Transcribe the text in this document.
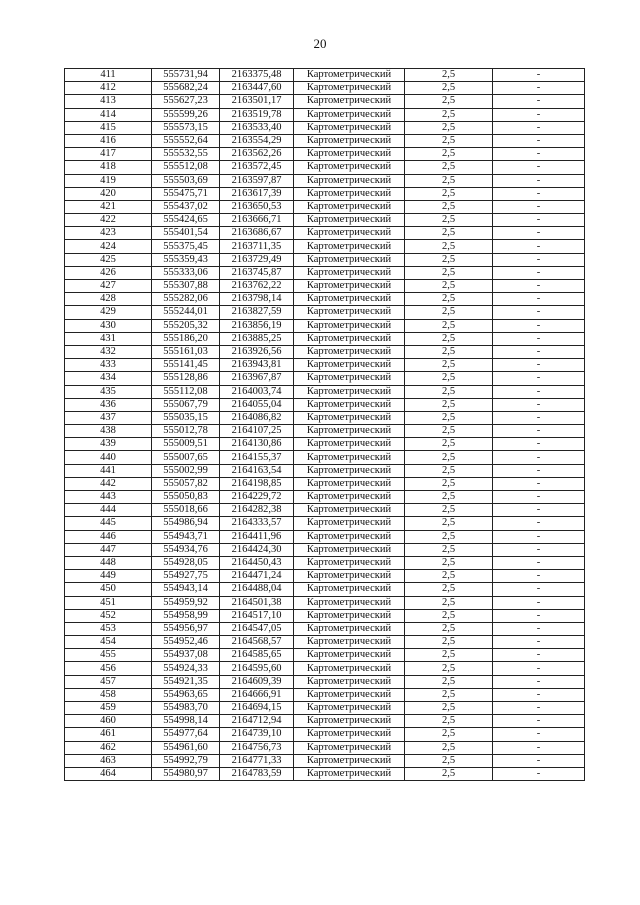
20
411	555731,94	2163375,48	Картометрический	2,5	-
412	555682,24	2163447,60	Картометрический	2,5	-
413	555627,23	2163501,17	Картометрический	2,5	-
414	555599,26	2163519,78	Картометрический	2,5	-
415	555573,15	2163533,40	Картометрический	2,5	-
416	555552,64	2163554,29	Картометрический	2,5	-
417	555532,55	2163562,26	Картометрический	2,5	-
418	555512,08	2163572,45	Картометрический	2,5	-
419	555503,69	2163597,87	Картометрический	2,5	-
420	555475,71	2163617,39	Картометрический	2,5	-
421	555437,02	2163650,53	Картометрический	2,5	-
422	555424,65	2163666,71	Картометрический	2,5	-
423	555401,54	2163686,67	Картометрический	2,5	-
424	555375,45	2163711,35	Картометрический	2,5	-
425	555359,43	2163729,49	Картометрический	2,5	-
426	555333,06	2163745,87	Картометрический	2,5	-
427	555307,88	2163762,22	Картометрический	2,5	-
428	555282,06	2163798,14	Картометрический	2,5	-
429	555244,01	2163827,59	Картометрический	2,5	-
430	555205,32	2163856,19	Картометрический	2,5	-
431	555186,20	2163885,25	Картометрический	2,5	-
432	555161,03	2163926,56	Картометрический	2,5	-
433	555141,45	2163943,81	Картометрический	2,5	-
434	555128,86	2163967,87	Картометрический	2,5	-
435	555112,08	2164003,74	Картометрический	2,5	-
436	555067,79	2164055,04	Картометрический	2,5	-
437	555035,15	2164086,82	Картометрический	2,5	-
438	555012,78	2164107,25	Картометрический	2,5	-
439	555009,51	2164130,86	Картометрический	2,5	-
440	555007,65	2164155,37	Картометрический	2,5	-
441	555002,99	2164163,54	Картометрический	2,5	-
442	555057,82	2164198,85	Картометрический	2,5	-
443	555050,83	2164229,72	Картометрический	2,5	-
444	555018,66	2164282,38	Картометрический	2,5	-
445	554986,94	2164333,57	Картометрический	2,5	-
446	554943,71	2164411,96	Картометрический	2,5	-
447	554934,76	2164424,30	Картометрический	2,5	-
448	554928,05	2164450,43	Картометрический	2,5	-
449	554927,75	2164471,24	Картометрический	2,5	-
450	554943,14	2164488,04	Картометрический	2,5	-
451	554959,92	2164501,38	Картометрический	2,5	-
452	554958,99	2164517,10	Картометрический	2,5	-
453	554956,97	2164547,05	Картометрический	2,5	-
454	554952,46	2164568,57	Картометрический	2,5	-
455	554937,08	2164585,65	Картометрический	2,5	-
456	554924,33	2164595,60	Картометрический	2,5	-
457	554921,35	2164609,39	Картометрический	2,5	-
458	554963,65	2164666,91	Картометрический	2,5	-
459	554983,70	2164694,15	Картометрический	2,5	-
460	554998,14	2164712,94	Картометрический	2,5	-
461	554977,64	2164739,10	Картометрический	2,5	-
462	554961,60	2164756,73	Картометрический	2,5	-
463	554992,79	2164771,33	Картометрический	2,5	-
464	554980,97	2164783,59	Картометрический	2,5	-
